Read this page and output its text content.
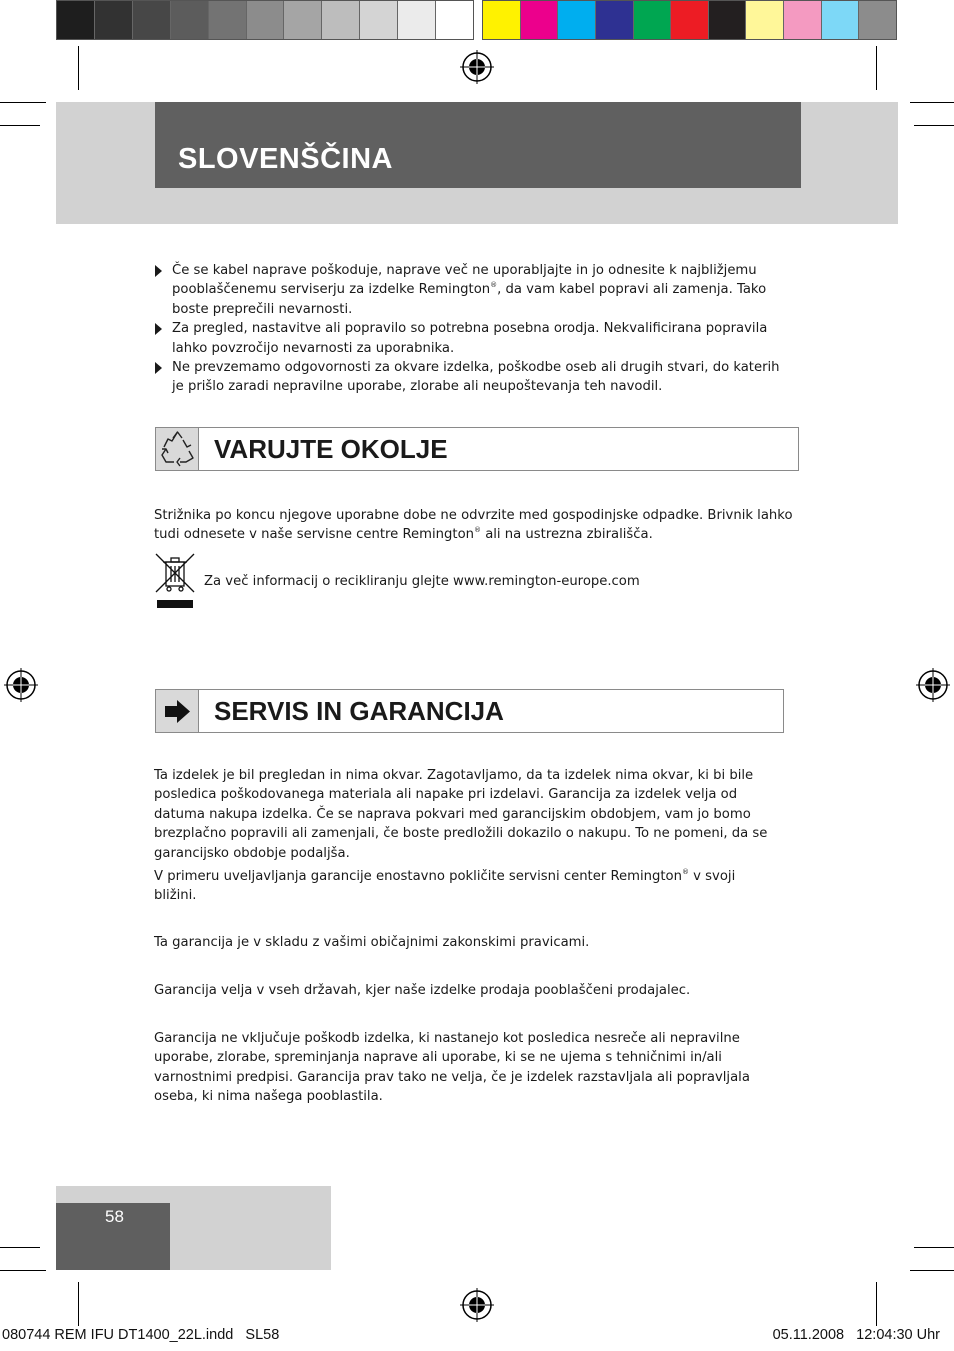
SLOVENŠČINA
Če se kabel naprave poškoduje, naprave več ne uporabljajte in jo odnesite k najbližjemu pooblaščenemu serviserju za izdelke Remington®, da vam kabel popravi ali zamenja. Tako boste preprečili nevarnosti.
Za pregled, nastavitve ali popravilo so potrebna posebna orodja. Nekvalificirana popravila lahko povzročijo nevarnosti za uporabnika.
Ne prevzemamo odgovornosti za okvare izdelka, poškodbe oseb ali drugih stvari, do katerih je prišlo zaradi nepravilne uporabe, zlorabe ali neupoštevanja teh navodil.
VARUJTE OKOLJE

Strižnika po koncu njegove uporabne dobe ne odvrzite med gospodinjske odpadke. Brivnik lahko tudi odnesete v naše servisne centre Remington® ali na ustrezna zbirališča.

Za več informacij o recikliranju glejte www.remington-europe.com
SERVIS IN GARANCIJA

Ta izdelek je bil pregledan in nima okvar. Zagotavljamo, da ta izdelek nima okvar, ki bi bile posledica poškodovanega materiala ali napake pri izdelavi. Garancija za izdelek velja od datuma nakupa izdelka. Če se naprava pokvari med garancijskim obdobjem, vam jo bomo brezplačno popravili ali zamenjali, če boste predložili dokazilo o nakupu. To ne pomeni, da se garancijsko obdobje podaljša.

V primeru uveljavljanja garancije enostavno pokličite servisni center Remington® v svoji bližini.

Ta garancija je v skladu z vašimi običajnimi zakonskimi pravicami.

Garancija velja v vseh državah, kjer naše izdelke prodaja pooblaščeni prodajalec.

Garancija ne vključuje poškodb izdelka, ki nastanejo kot posledica nesreče ali nepravilne uporabe, zlorabe, spreminjanja naprave ali uporabe, ki se ne ujema s tehničnimi in/ali varnostnimi predpisi. Garancija prav tako ne velja, če je izdelek razstavljala ali popravljala oseba, ki nima našega pooblastila.

58
080744 REM IFU DT1400_22L.indd   SL58	05.11.2008   12:04:30 Uhr
